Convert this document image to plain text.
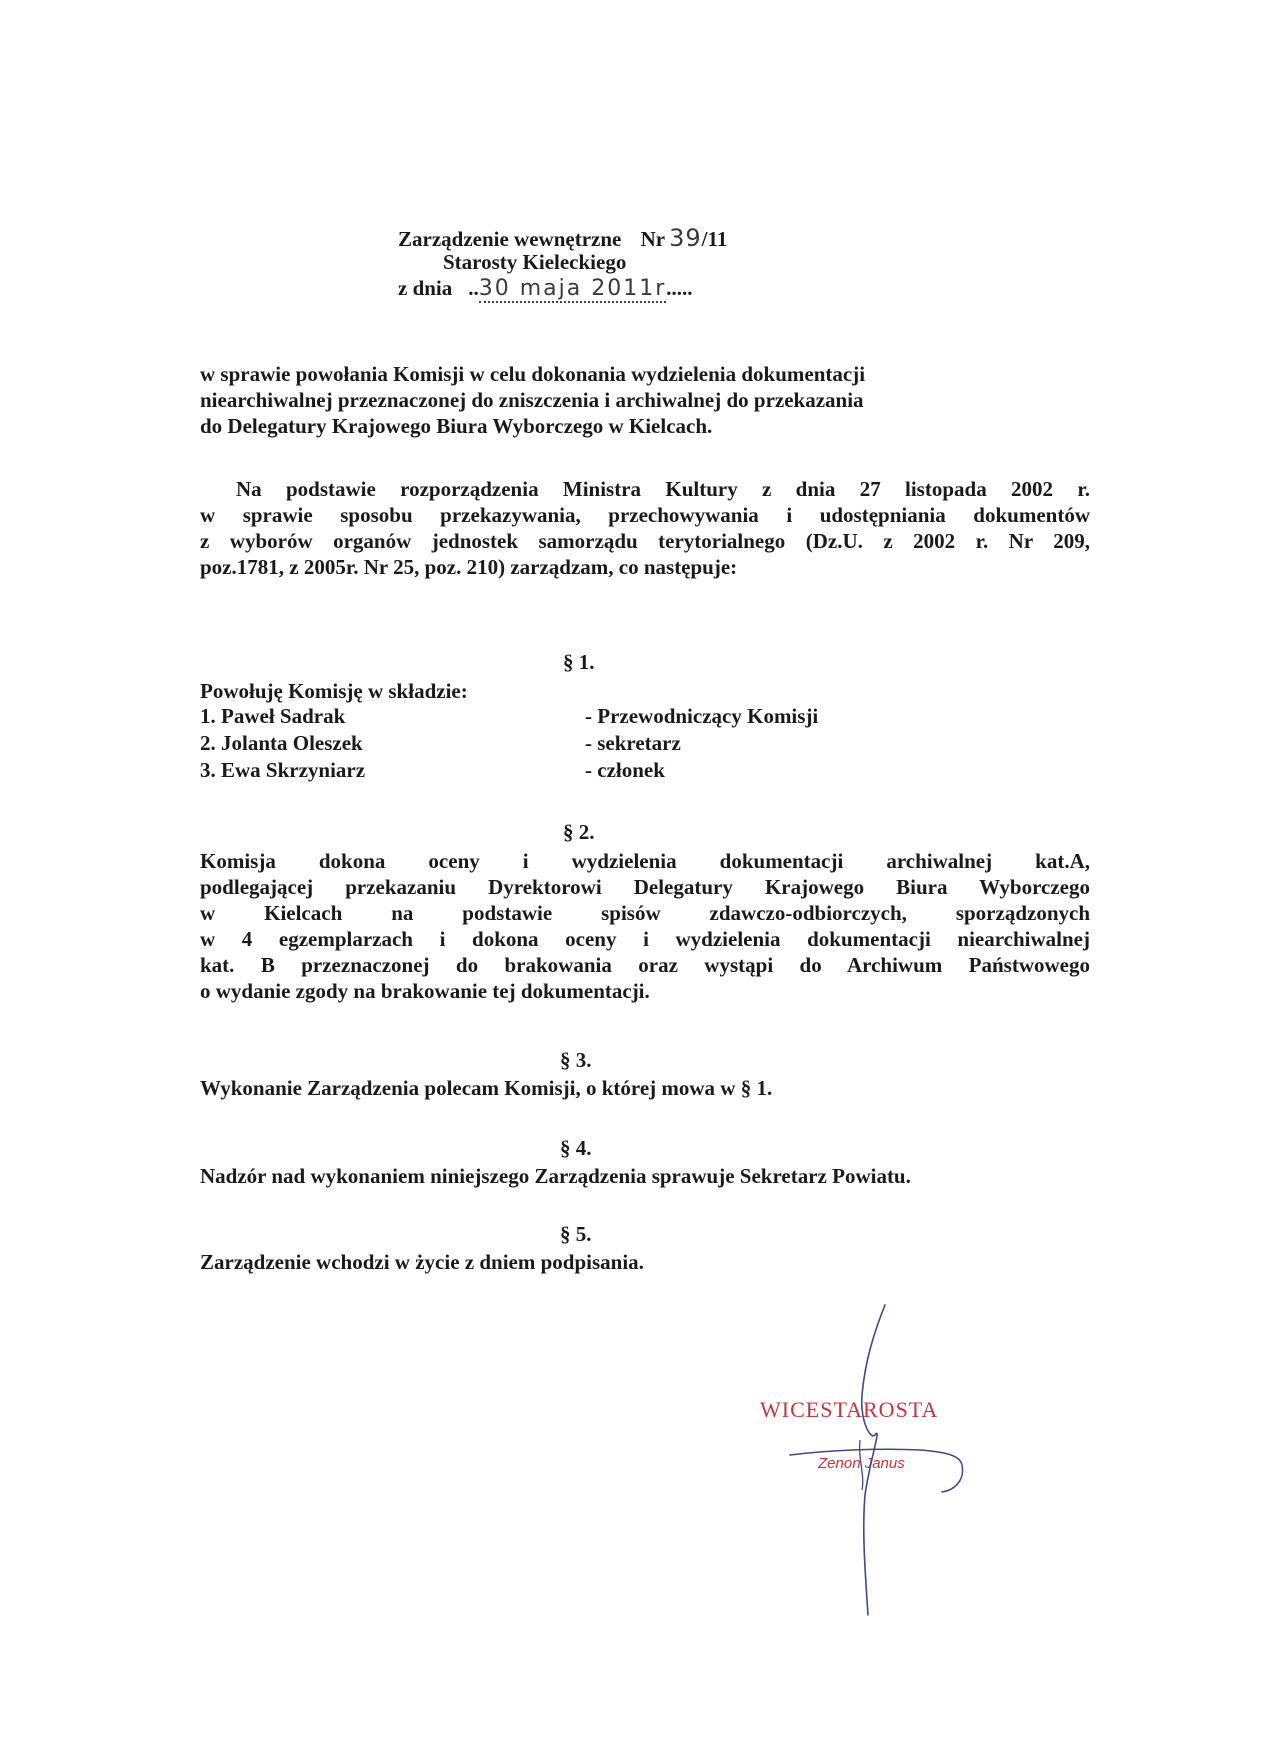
Zarządzenie wewnętrzne Nr 39/11
Starosty Kieleckiego
z dnia ..30 maja 2011r.....
w sprawie powołania Komisji w celu dokonania wydzielenia dokumentacji
niearchiwalnej przeznaczonej do zniszczenia i archiwalnej do przekazania
do Delegatury Krajowego Biura Wyborczego w Kielcach.
Na podstawie rozporządzenia Ministra Kultury z dnia 27 listopada 2002 r.
w sprawie sposobu przekazywania, przechowywania i udostępniania dokumentów
z wyborów organów jednostek samorządu terytorialnego (Dz.U. z 2002 r. Nr 209,
poz.1781, z 2005r. Nr 25, poz. 210) zarządzam, co następuje:
§ 1.
Powołuję Komisję w składzie:
1. Paweł Sadrak	- Przewodniczący Komisji
2. Jolanta Oleszek	- sekretarz
3. Ewa Skrzyniarz	- członek
§ 2.
Komisja dokona oceny i wydzielenia dokumentacji archiwalnej kat.A,
podlegającej przekazaniu Dyrektorowi Delegatury Krajowego Biura Wyborczego
w Kielcach na podstawie spisów zdawczo-odbiorczych, sporządzonych
w 4 egzemplarzach i dokona oceny i wydzielenia dokumentacji niearchiwalnej
kat. B przeznaczonej do brakowania oraz wystąpi do Archiwum Państwowego
o wydanie zgody na brakowanie tej dokumentacji.
§ 3.
Wykonanie Zarządzenia polecam Komisji, o której mowa w § 1.
§ 4.
Nadzór nad wykonaniem niniejszego Zarządzenia sprawuje Sekretarz Powiatu.
§ 5.
Zarządzenie wchodzi w życie z dniem podpisania.
WICESTAROSTA
Zenon Janus
